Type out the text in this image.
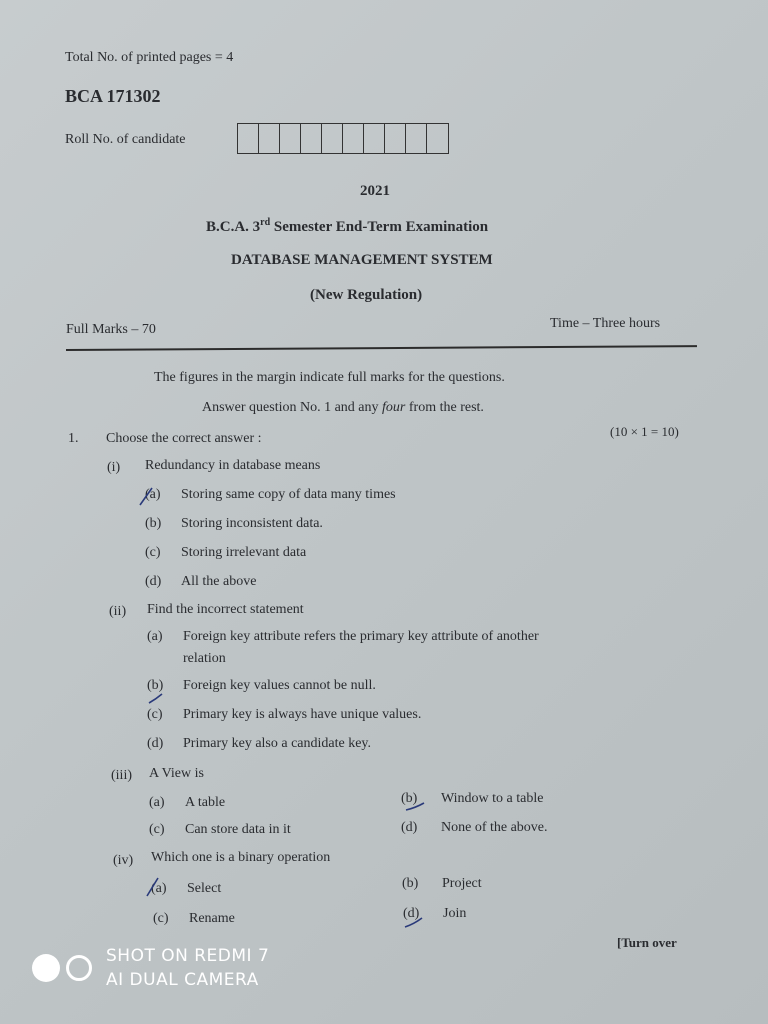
Total No. of printed pages = 4
BCA 171302
Roll No. of candidate
2021
B.C.A. 3rd Semester End-Term Examination
DATABASE MANAGEMENT SYSTEM
(New Regulation)
Full Marks – 70	Time – Three hours
The figures in the margin indicate full marks for the questions.
Answer question No. 1 and any four from the rest.
1. Choose the correct answer :	(10 × 1 = 10)
(i) Redundancy in database means
(a) Storing same copy of data many times
(b) Storing inconsistent data.
(c) Storing irrelevant data
(d) All the above
(ii) Find the incorrect statement
(a) Foreign key attribute refers the primary key attribute of another
relation
(b) Foreign key values cannot be null.
(c) Primary key is always have unique values.
(d) Primary key also a candidate key.
(iii) A View is
(a) A table	(b) Window to a table
(c) Can store data in it	(d) None of the above.
(iv) Which one is a binary operation
(a) Select	(b) Project
(c) Rename	(d) Join
[Turn over
SHOT ON REDMI 7
AI DUAL CAMERA
